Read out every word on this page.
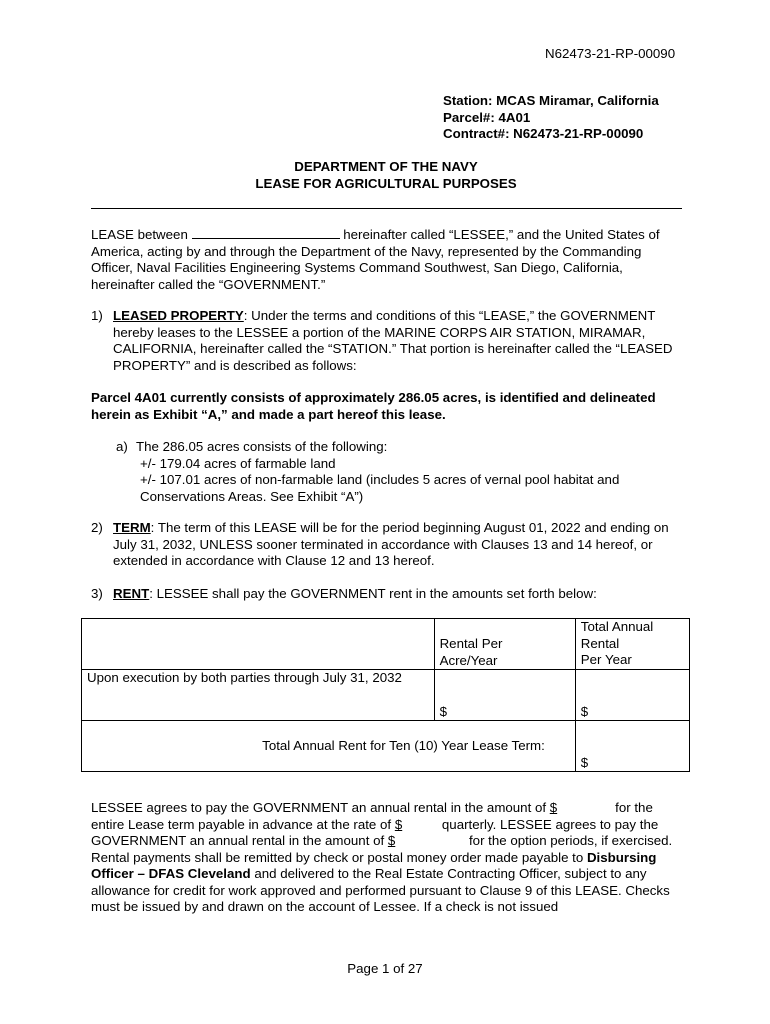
N62473-21-RP-00090
Station: MCAS Miramar, California
Parcel#: 4A01
Contract#: N62473-21-RP-00090
DEPARTMENT OF THE NAVY
LEASE FOR AGRICULTURAL PURPOSES
LEASE between	hereinafter called “LESSEE,” and the United States of America, acting by and through the Department of the Navy, represented by the Commanding Officer, Naval Facilities Engineering Systems Command Southwest, San Diego, California, hereinafter called the “GOVERNMENT.”
1) LEASED PROPERTY: Under the terms and conditions of this “LEASE,” the GOVERNMENT hereby leases to the LESSEE a portion of the MARINE CORPS AIR STATION, MIRAMAR, CALIFORNIA, hereinafter called the “STATION.” That portion is hereinafter called the “LEASED PROPERTY” and is described as follows:
Parcel 4A01 currently consists of approximately 286.05 acres, is identified and delineated herein as Exhibit “A,” and made a part hereof this lease.
a) The 286.05 acres consists of the following:
+/- 179.04 acres of farmable land
+/- 107.01 acres of non-farmable land (includes 5 acres of vernal pool habitat and Conservations Areas. See Exhibit “A”)
2) TERM: The term of this LEASE will be for the period beginning August 01, 2022 and ending on July 31, 2032, UNLESS sooner terminated in accordance with Clauses 13 and 14 hereof, or extended in accordance with Clause 12 and 13 hereof.
3) RENT: LESSEE shall pay the GOVERNMENT rent in the amounts set forth below:

	Rental Per Acre/Year	Total Annual
Rental
Per Year

Upon execution by both parties through July 31, 2032	$	$
Total Annual Rent for Ten (10) Year Lease Term:		$
LESSEE agrees to pay the GOVERNMENT an annual rental in the amount of $	for the entire Lease term payable in advance at the rate of $	quarterly. LESSEE agrees to pay the GOVERNMENT an annual rental in the amount of $	for the option periods, if exercised. Rental payments shall be remitted by check or postal money order made payable to Disbursing Officer – DFAS Cleveland and delivered to the Real Estate Contracting Officer, subject to any allowance for credit for work approved and performed pursuant to Clause 9 of this LEASE. Checks must be issued by and drawn on the account of Lessee. If a check is not issued
Page 1 of 27
